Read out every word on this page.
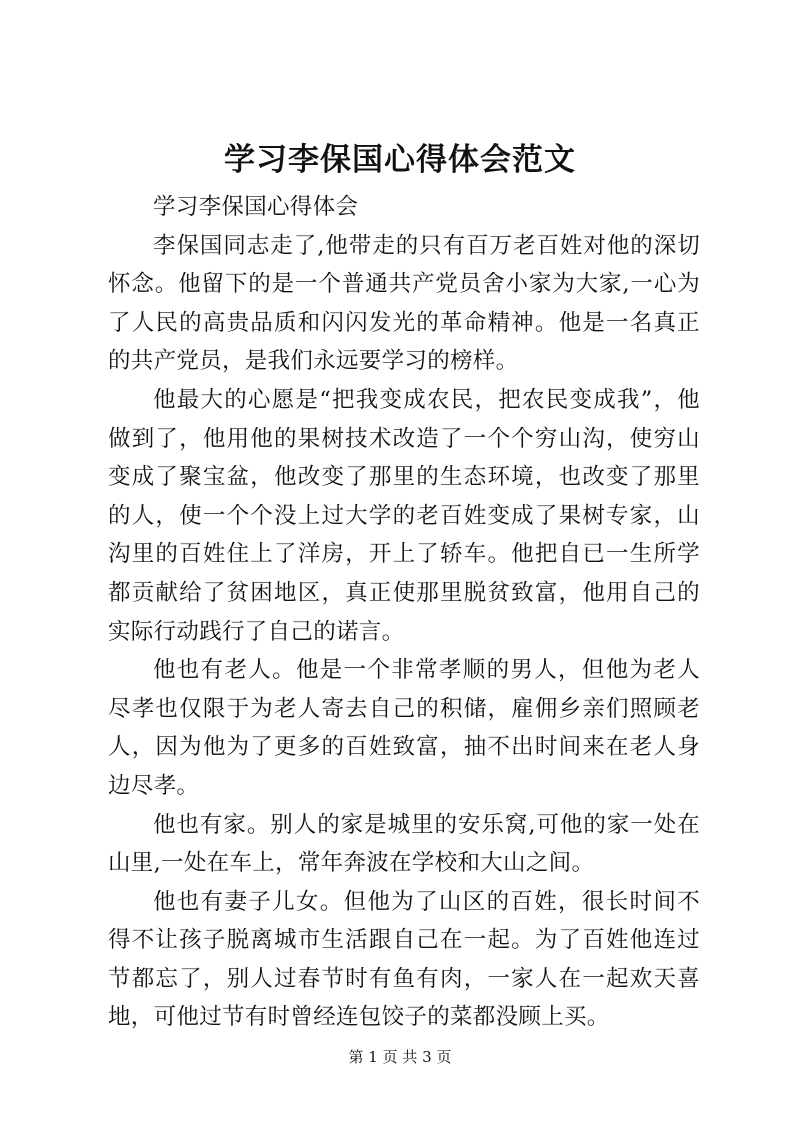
学习李保国心得体会范文

学习李保国心得体会

李保国同志走了,他带走的只有百万老百姓对他的深切怀念。他留下的是一个普通共产党员舍小家为大家,一心为了人民的高贵品质和闪闪发光的革命精神。他是一名真正的共产党员，是我们永远要学习的榜样。

他最大的心愿是“把我变成农民，把农民变成我”，他做到了，他用他的果树技术改造了一个个穷山沟，使穷山变成了聚宝盆，他改变了那里的生态环境，也改变了那里的人，使一个个没上过大学的老百姓变成了果树专家，山沟里的百姓住上了洋房，开上了轿车。他把自已一生所学都贡献给了贫困地区，真正使那里脱贫致富，他用自己的实际行动践行了自己的诺言。

他也有老人。他是一个非常孝顺的男人，但他为老人尽孝也仅限于为老人寄去自己的积储，雇佣乡亲们照顾老人，因为他为了更多的百姓致富，抽不出时间来在老人身边尽孝。

他也有家。别人的家是城里的安乐窝,可他的家一处在山里,一处在车上，常年奔波在学校和大山之间。

他也有妻子儿女。但他为了山区的百姓，很长时间不得不让孩子脱离城市生活跟自己在一起。为了百姓他连过节都忘了，别人过春节时有鱼有肉，一家人在一起欢天喜地，可他过节有时曾经连包饺子的菜都没顾上买。

第 1 页 共 3 页
